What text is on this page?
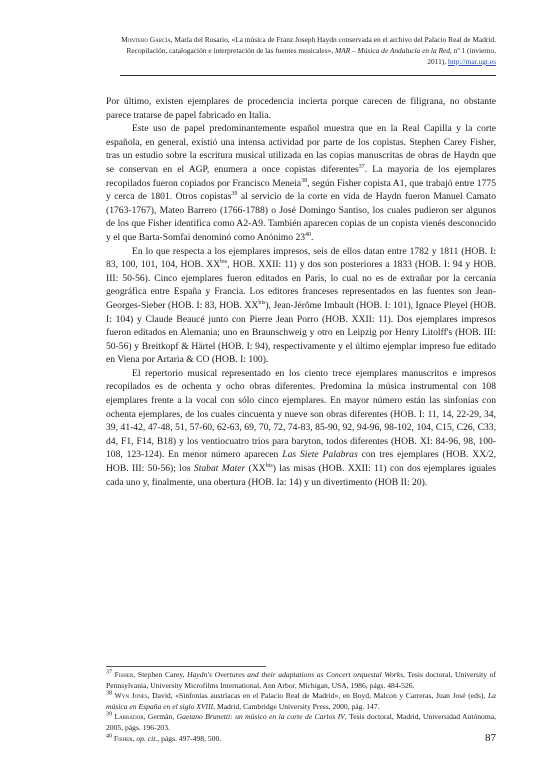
Montero García, María del Rosario, «La música de Franz Joseph Haydn conservada en el archivo del Palacio Real de Madrid. Recopilación, catalogación e interpretación de las fuentes musicales», MAR – Música de Andalucía en la Red, nº 1 (invierno, 2011), http://mar.ugr.es

Por último, existen ejemplares de procedencia incierta porque carecen de filigrana, no obstante parece tratarse de papel fabricado en Italia.

Este uso de papel predominantemente español muestra que en la Real Capilla y la corte española, en general, existió una intensa actividad por parte de los copistas. Stephen Carey Fisher, tras un estudio sobre la escritura musical utilizada en las copias manuscritas de obras de Haydn que se conservan en el AGP, enumera a once copistas diferentes$^{37}$. La mayoría de los ejemplares recopilados fueron copiados por Francisco Meneia$^{38}$, según Fisher copista A1, que trabajó entre 1775 y cerca de 1801. Otros copistas$^{39}$ al servicio de la corte en vida de Haydn fueron Manuel Camato (1763-1767), Mateo Barrero (1766-1788) o José Domingo Santiso, los cuales pudieron ser algunos de los que Fisher identifica como A2-A9. También aparecen copias de un copista vienés desconocido y el que Barta-Somfai denominó como Anónimo $23^{40}$.

En lo que respecta a los ejemplares impresos, seis de ellos datan entre 1782 y 1811 (HOB. I: 83, 100, 101, 104, HOB. $XX^{bis}$, HOB. XXII: 11) y dos son posteriores a 1833 (HOB. I: 94 y HOB. III: 50-56). Cinco ejemplares fueron editados en París, lo cual no es de extrañar por la cercanía geográfica entre España y Francia. Los editores franceses representados en las fuentes son Jean-Georges-Sieber (HOB. I: 83, HOB. $XX^{bis}$), Jean-Jérôme Imbault (HOB. I: 101), Ignace Pleyel (HOB. I: 104) y Claude Beaucé junto con Pierre Jean Porro (HOB. XXII: 11). Dos ejemplares impresos fueron editados en Alemania; uno en Braunschweig y otro en Leipzig por Henry Litolff's (HOB. III: 50-56) y Breitkopf & Härtel (HOB. I: 94), respectivamente y el último ejemplar impreso fue editado en Viena por Artaria & CO (HOB. I: 100).

El repertorio musical representado en los ciento trece ejemplares manuscritos e impresos recopilados es de ochenta y ocho obras diferentes. Predomina la música instrumental con 108 ejemplares frente a la vocal con sólo cinco ejemplares. En mayor número están las sinfonías con ochenta ejemplares, de los cuales cincuenta y nueve son obras diferentes (HOB. I: 11, 14, 22-29, 34, 39, 41-42, 47-48, 51, 57-60, 62-63, 69, 70, 72, 74-83, 85-90, 92, 94-96, 98-102, 104, C15, C26, C33, d4, F1, F14, B18) y los ventiocuatro tríos para baryton, todos diferentes (HOB. XI: 84-96, 98, 100-108, 123-124). En menor número aparecen Las Siete Palabras con tres ejemplares (HOB. XX/2, HOB. III: 50-56); los Stabat Mater $(XX^{bis})$ las misas (HOB. XXII: 11) con dos ejemplares iguales cada uno y, finalmente, una obertura (HOB. Ia: 14) y un divertimento (HOB II: 20).

$^{37}$ Fisher, Stephen Carey, Haydn's Overtures and their adaptations as Concert orquestal Works, Tesis doctoral, University of Pennsylvania, University Microfilms International, Ann Arbor, Michigan, USA, 1986, págs. 484-526.

$^{38}$ Wyn Jones, David, «Sinfonías austríacas en el Palacio Real de Madrid», en Boyd, Malcon y Carreras, Juan José (eds), La música en España en el siglo XVIII, Madrid, Cambridge University Press, 2000, pág. 147.

$^{39}$ Labrador, Germán, Gaetano Brunetti: un músico en la corte de Carlos IV, Tesis doctoral, Madrid, Universidad Autónoma, 2005, págs. 196-203.

$^{40}$ Fisher, op. cit., págs. 497-498, 500.	87
